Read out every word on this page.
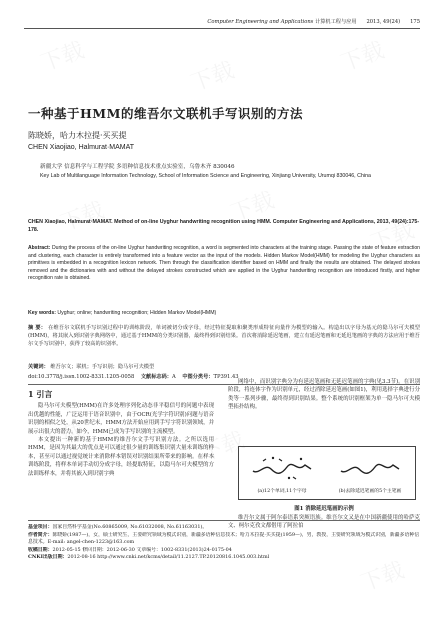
Computer Engineering and Applications 计算机工程与应用 2013, 49(24) 175
一种基于HMM的维吾尔文联机手写识别的方法
陈晓娇，哈力木拉提·买买提
CHEN Xiaojiao, Halmurat·MAMAT
新疆大学 信息科学与工程学院 多语种信息技术重点实验室，乌鲁木齐 830046
Key Lab of Multilanguage Information Technology, School of Information Science and Engineering, Xinjiang University, Urumqi 830046, China
CHEN Xiaojiao, Halmurat·MAMAT. Method of on-line Uyghur handwriting recognition using HMM. Computer Engineering and Applications, 2013, 49(24):175-178.
Abstract: During the process of the on-line Uyghur handwriting recognition, a word is segmented into characters at the training stage. Passing the state of feature extraction and clustering, each character is entirely transformed into a feature vector as the input of the models. Hidden Markov Model(HMM) for modeling the Uyghur characters as primitives is embedded in a recognition lexicon network. Then through the classification identifier based on HMM and finally the results are obtained. The delayed strokes removed and the dictionaries with and without the delayed strokes constructed which are applied in the Uyghur handwriting recognition are introduced firstly, and higher recognition rate is obtained.
Key words: Uyghur; online; handwriting recognition; Hidden Markov Model(HMM)
摘 要： 在维吾尔文联机手写识别过程中的训练阶段，单词被切分成字母，经过特征提取和聚类形成特征向量作为模型的输入。构造出以字母为基元的隐马尔可夫模型(HMM)，将其嵌入到识别字典网络中，通过基于HMM的分类识别器，最终得到识别结果。首次将消除延迟笔画，建立有延迟笔画和无延迟笔画的字典的方法应用于维吾尔文手写识别中，获得了较高的识别率。
关键词： 维吾尔文；联机；手写识别；隐马尔可夫模型
doi:10.3778/j.issn.1002-8331.1205-0058 文献标志码：A 中图分类号：TP391.43
1 引言

隐马尔可夫模型(HMM)在许多处理序列化动态非平稳信号的问题中表现出优越的性能，广泛运用于语音识别中，由于OCR(光学字符识别)问题与语音识别的相似之处，从20世纪末，HMM方法开始应用到手写字符识别领域，并展示出很大的潜力。如今，HMM已成为手写识别的主流模型。

本文提出一种新的基于HMM的维吾尔文手写识别方法。之所以选用HMM，是因为其最大的优点是可以通过很少量的训练集识别大量未训练的样本，甚至可以通过视觉统计来消除样本错误对识别结果所带来的影响。在样本训练阶段，将样本单词手动切分成字母，经提取特征，以隐马尔可夫模型的方法训练样本，并将其嵌入到识别字典

网络中，而识别字典分为有延迟笔画和无延迟笔画的字典(见3.3节)。在识别阶段，将连体字作为识别单元，经过消除延迟笔画(如图1)，利用选择字典进行分类等一系列步骤，最终得到识别结果。整个系统的识别框架为单一隐马尔可夫模型拓扑结构。

维吾尔文属于阿尔泰语系突厥语族。维吾尔文又是在中国新疆使用的哈萨克文、柯尔克孜文都借用了阿拉伯

(a)12个单词,11个字母	(b)去除延迟笔画的5个主笔画
图1 消除延迟笔画的示例
基金项目：国家自然科学基金(No.60865009, No.61032008, No.61163031)。
作者简介：陈晓娇(1987—)，女，硕士研究生，主要研究领域为模式识别，新疆多语种信息技术；哈力木拉提·买买提(1959—)，男，教授，主要研究领域为模式识别，新疆多语种信息技术。E-mail: angel-chen-1223@163.com
收稿日期：2012-05-15 修回日期：2012-06-30 文章编号：1002-8331(2013)24-0175-04
CNKI出版日期：2012-08-16 http://www.cnki.net/kcms/detail/11.2127.TP.20120816.1045.003.html
